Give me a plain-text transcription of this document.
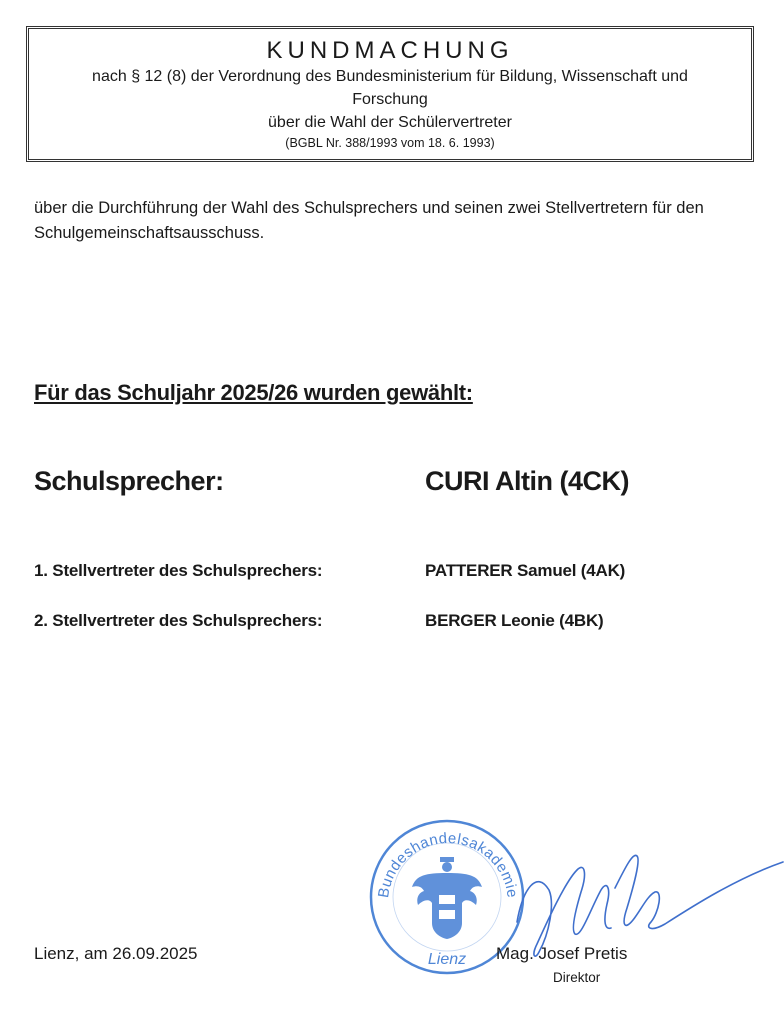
KUNDMACHUNG
nach § 12 (8) der Verordnung des Bundesministerium für Bildung, Wissenschaft und
Forschung
über die Wahl der Schülervertreter
(BGBL Nr. 388/1993 vom 18. 6. 1993)
über die Durchführung der Wahl des Schulsprechers und seinen zwei Stellvertretern für den Schulgemeinschaftsausschuss.
Für das Schuljahr 2025/26 wurden gewählt:
Schulsprecher:	CURI Altin (4CK)
1. Stellvertreter des Schulsprechers:	PATTERER Samuel (4AK)
2. Stellvertreter des Schulsprechers:	BERGER Leonie (4BK)
Lienz, am 26.09.2025
Bundeshandelsakademie
Lienz Mag. Josef Pretis
Direktor
